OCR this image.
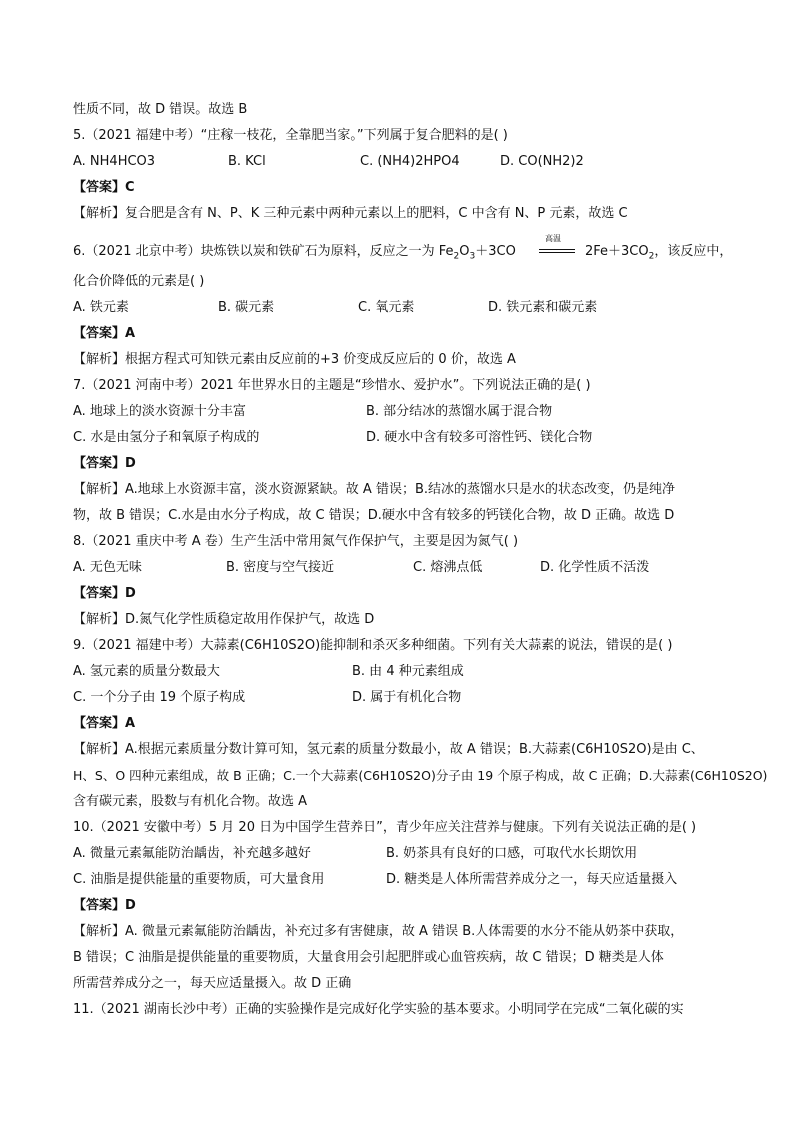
性质不同，故 D 错误。故选 B
5.（2021 福建中考）“庄稼一枝花，全靠肥当家。”下列属于复合肥料的是( )
A. NH4HCO3	B. KCl	C. (NH4)2HPO4	D. CO(NH2)2
【答案】C
【解析】复合肥是含有 N、P、K 三种元素中两种元素以上的肥料，C 中含有 N、P 元素，故选 C
6.（2021 北京中考）块炼铁以炭和铁矿石为原料，反应之一为 $Fe_2O_3+3CO$
高温
$2Fe+3CO_2$，该反应中，
化合价降低的元素是( )
A. 铁元素	B. 碳元素	C. 氧元素	D. 铁元素和碳元素
【答案】A
【解析】根据方程式可知铁元素由反应前的+3 价变成反应后的 0 价，故选 A
7.（2021 河南中考）2021 年世界水日的主题是“珍惜水、爱护水”。下列说法正确的是( )
A. 地球上的淡水资源十分丰富	B. 部分结冰的蒸馏水属于混合物
C. 水是由氢分子和氧原子构成的	D. 硬水中含有较多可溶性钙、镁化合物
【答案】D
【解析】A.地球上水资源丰富，淡水资源紧缺。故 A 错误；B.结冰的蒸馏水只是水的状态改变，仍是纯净
物，故 B 错误；C.水是由水分子构成，故 C 错误；D.硬水中含有较多的钙镁化合物，故 D 正确。故选 D
8.（2021 重庆中考 A 卷）生产生活中常用氮气作保护气，主要是因为氮气( )
A. 无色无味	B. 密度与空气接近	C. 熔沸点低	D. 化学性质不活泼
【答案】D
【解析】D.氮气化学性质稳定故用作保护气，故选 D
9.（2021 福建中考）大蒜素(C6H10S2O)能抑制和杀灭多种细菌。下列有关大蒜素的说法，错误的是( )
A. 氢元素的质量分数最大	B. 由 4 种元素组成
C. 一个分子由 19 个原子构成	D. 属于有机化合物
【答案】A
【解析】A.根据元素质量分数计算可知，氢元素的质量分数最小，故 A 错误；B.大蒜素(C6H10S2O)是由 C、
H、S、O 四种元素组成，故 B 正确；C.一个大蒜素(C6H10S2O)分子由 19 个原子构成，故 C 正确；D.大蒜素(C6H10S2O)
含有碳元素，股数与有机化合物。故选 A
10.（2021 安徽中考）5 月 20 日为中国学生营养日”，青少年应关注营养与健康。下列有关说法正确的是( )
A. 微量元素氟能防治龋齿，补充越多越好	B. 奶茶具有良好的口感，可取代水长期饮用
C. 油脂是提供能量的重要物质，可大量食用	D. 糖类是人体所需营养成分之一，每天应适量摄入
【答案】D
【解析】A. 微量元素氟能防治龋齿，补充过多有害健康，故 A 错误 B.人体需要的水分不能从奶茶中获取，
B 错误；C 油脂是提供能量的重要物质，大量食用会引起肥胖或心血管疾病，故 C 错误；D 糖类是人体
所需营养成分之一，每天应适量摄入。故 D 正确
11.（2021 湖南长沙中考）正确的实验操作是完成好化学实验的基本要求。小明同学在完成“二氧化碳的实
